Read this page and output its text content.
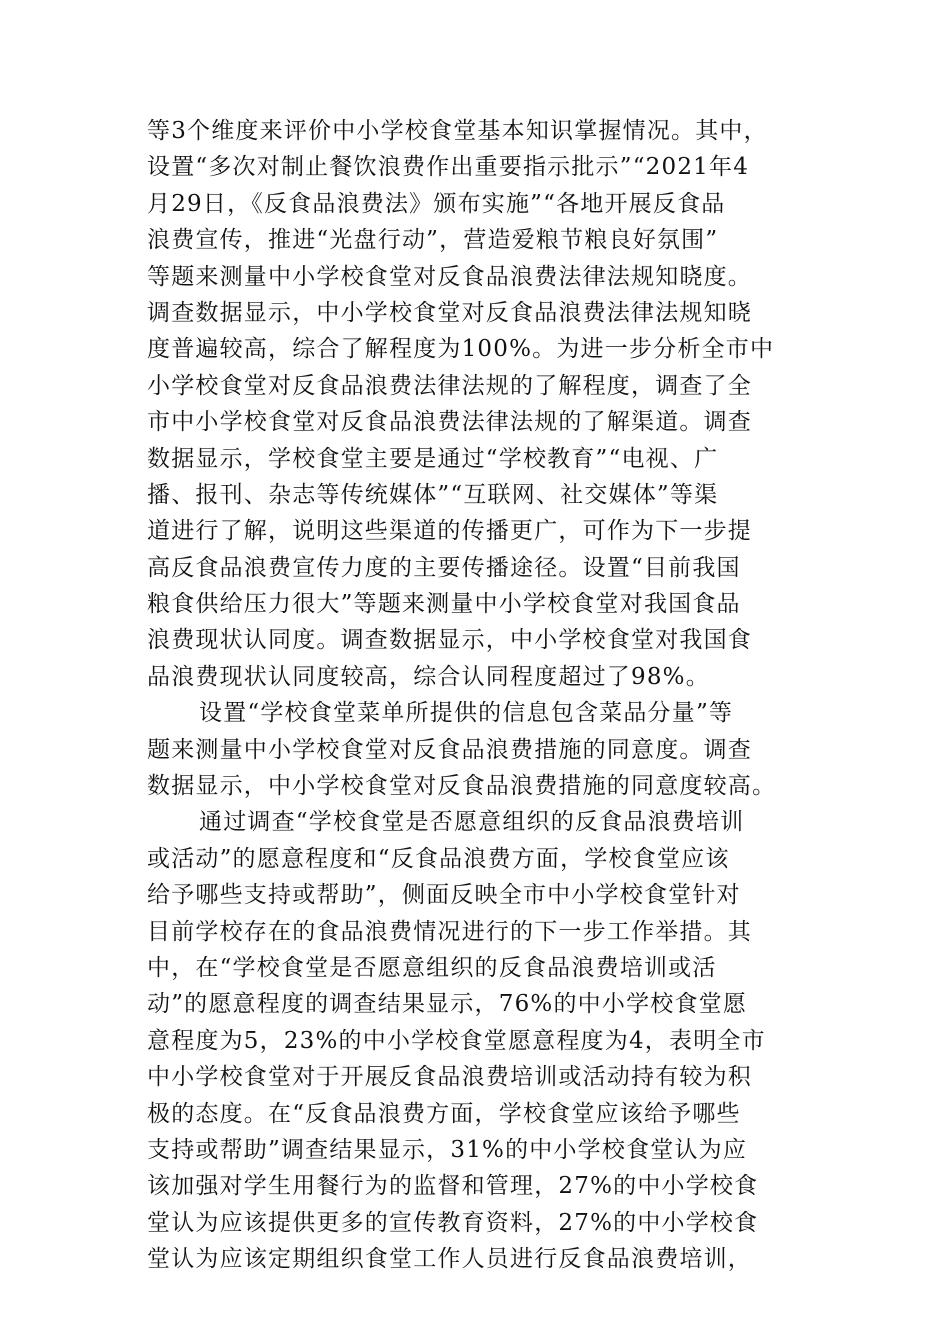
等3个维度来评价中小学校食堂基本知识掌握情况。其中，
设置“多次对制止餐饮浪费作出重要指示批示”“2021年4
月29日，《反食品浪费法》颁布实施”“各地开展反食品
浪费宣传，推进“光盘行动”，营造爱粮节粮良好氛围”
等题来测量中小学校食堂对反食品浪费法律法规知晓度。
调查数据显示，中小学校食堂对反食品浪费法律法规知晓
度普遍较高，综合了解程度为100%。为进一步分析全市中
小学校食堂对反食品浪费法律法规的了解程度，调查了全
市中小学校食堂对反食品浪费法律法规的了解渠道。调查
数据显示，学校食堂主要是通过“学校教育”“电视、广
播、报刊、杂志等传统媒体”“互联网、社交媒体”等渠
道进行了解，说明这些渠道的传播更广，可作为下一步提
高反食品浪费宣传力度的主要传播途径。设置“目前我国
粮食供给压力很大”等题来测量中小学校食堂对我国食品
浪费现状认同度。调查数据显示，中小学校食堂对我国食
品浪费现状认同度较高，综合认同程度超过了98%。
设置“学校食堂菜单所提供的信息包含菜品分量”等
题来测量中小学校食堂对反食品浪费措施的同意度。调查
数据显示，中小学校食堂对反食品浪费措施的同意度较高。
通过调查“学校食堂是否愿意组织的反食品浪费培训
或活动”的愿意程度和“反食品浪费方面，学校食堂应该
给予哪些支持或帮助”，侧面反映全市中小学校食堂针对
目前学校存在的食品浪费情况进行的下一步工作举措。其
中，在“学校食堂是否愿意组织的反食品浪费培训或活
动”的愿意程度的调查结果显示，76%的中小学校食堂愿
意程度为5，23%的中小学校食堂愿意程度为4，表明全市
中小学校食堂对于开展反食品浪费培训或活动持有较为积
极的态度。在“反食品浪费方面，学校食堂应该给予哪些
支持或帮助”调查结果显示，31%的中小学校食堂认为应
该加强对学生用餐行为的监督和管理，27%的中小学校食
堂认为应该提供更多的宣传教育资料，27%的中小学校食
堂认为应该定期组织食堂工作人员进行反食品浪费培训，
